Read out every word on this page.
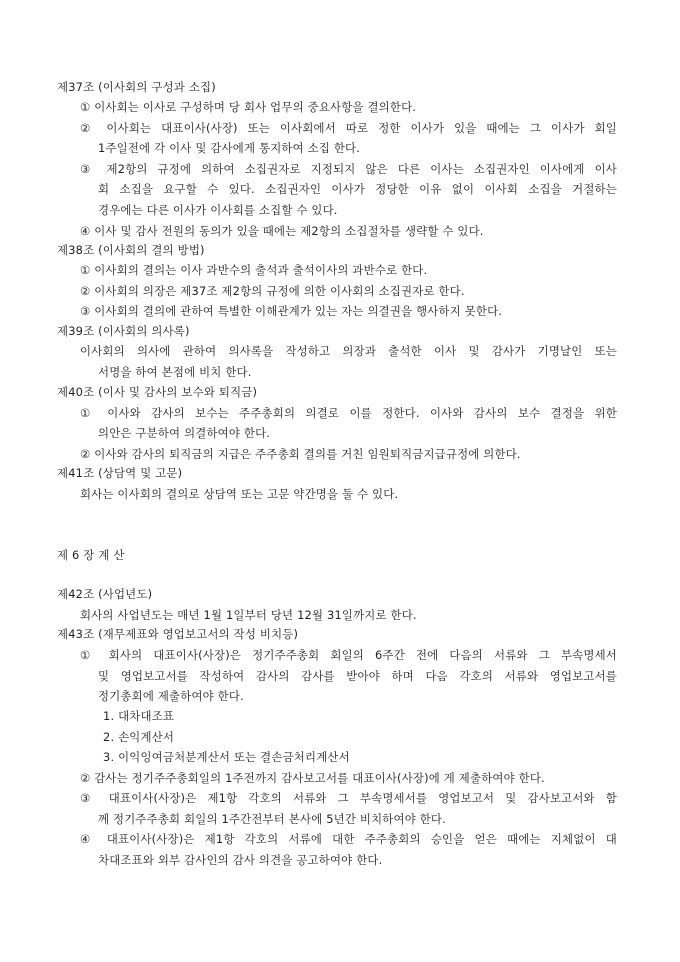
제37조 (이사회의 구성과 소집)
① 이사회는 이사로 구성하며 당 회사 업무의 중요사항을 결의한다.
② 이사회는 대표이사(사장) 또는 이사회에서 따로 정한 이사가 있을 때에는 그 이사가 회일
1주일전에 각 이사 및 감사에게 통지하여 소집 한다.
③ 제2항의 규정에 의하여 소집권자로 지정되지 않은 다른 이사는 소집권자인 이사에게 이사
회 소집을 요구할 수 있다. 소집권자인 이사가 정당한 이유 없이 이사회 소집을 거절하는
경우에는 다른 이사가 이사회를 소집할 수 있다.
④ 이사 및 감사 전원의 동의가 있을 때에는 제2항의 소집절차를 생략할 수 있다.
제38조 (이사회의 결의 방법)
① 이사회의 결의는 이사 과반수의 출석과 출석이사의 과반수로 한다.
② 이사회의 의장은 제37조 제2항의 규정에 의한 이사회의 소집권자로 한다.
③ 이사회의 결의에 관하여 특별한 이해관계가 있는 자는 의결권을 행사하지 못한다.
제39조 (이사회의 의사록)
이사회의 의사에 관하여 의사록을 작성하고 의장과 출석한 이사 및 감사가 기명날인 또는
서명을 하여 본점에 비치 한다.
제40조 (이사 및 감사의 보수와 퇴직금)
① 이사와 감사의 보수는 주주총회의 의결로 이를 정한다. 이사와 감사의 보수 결정을 위한
의안은 구분하여 의결하여야 한다.
② 이사와 감사의 퇴직금의 지급은 주주총회 결의를 거친 임원퇴직금지급규정에 의한다.
제41조 (상담역 및 고문)
회사는 이사회의 결의로 상담역 또는 고문 약간명을 둘 수 있다.
제 6 장 계 산
제42조 (사업년도)
회사의 사업년도는 매년 1월 1일부터 당년 12월 31일까지로 한다.
제43조 (재무제표와 영업보고서의 작성 비치등)
① 회사의 대표이사(사장)은 정기주주총회 회일의 6주간 전에 다음의 서류와 그 부속명세서
및 영업보고서를 작성하여 감사의 감사를 받아야 하며 다음 각호의 서류와 영업보고서를
정기총회에 제출하여야 한다.
1. 대차대조표
2. 손익계산서
3. 이익잉여금처분계산서 또는 결손금처리계산서
② 감사는 정기주주총회일의 1주전까지 감사보고서를 대표이사(사장)에 게 제출하여야 한다.
③ 대표이사(사장)은 제1항 각호의 서류와 그 부속명세서를 영업보고서 및 감사보고서와 함
께 정기주주총회 회일의 1주간전부터 본사에 5년간 비치하여야 한다.
④ 대표이사(사장)은 제1항 각호의 서류에 대한 주주총회의 승인을 얻은 때에는 지체없이 대
차대조표와 외부 감사인의 감사 의견을 공고하여야 한다.
